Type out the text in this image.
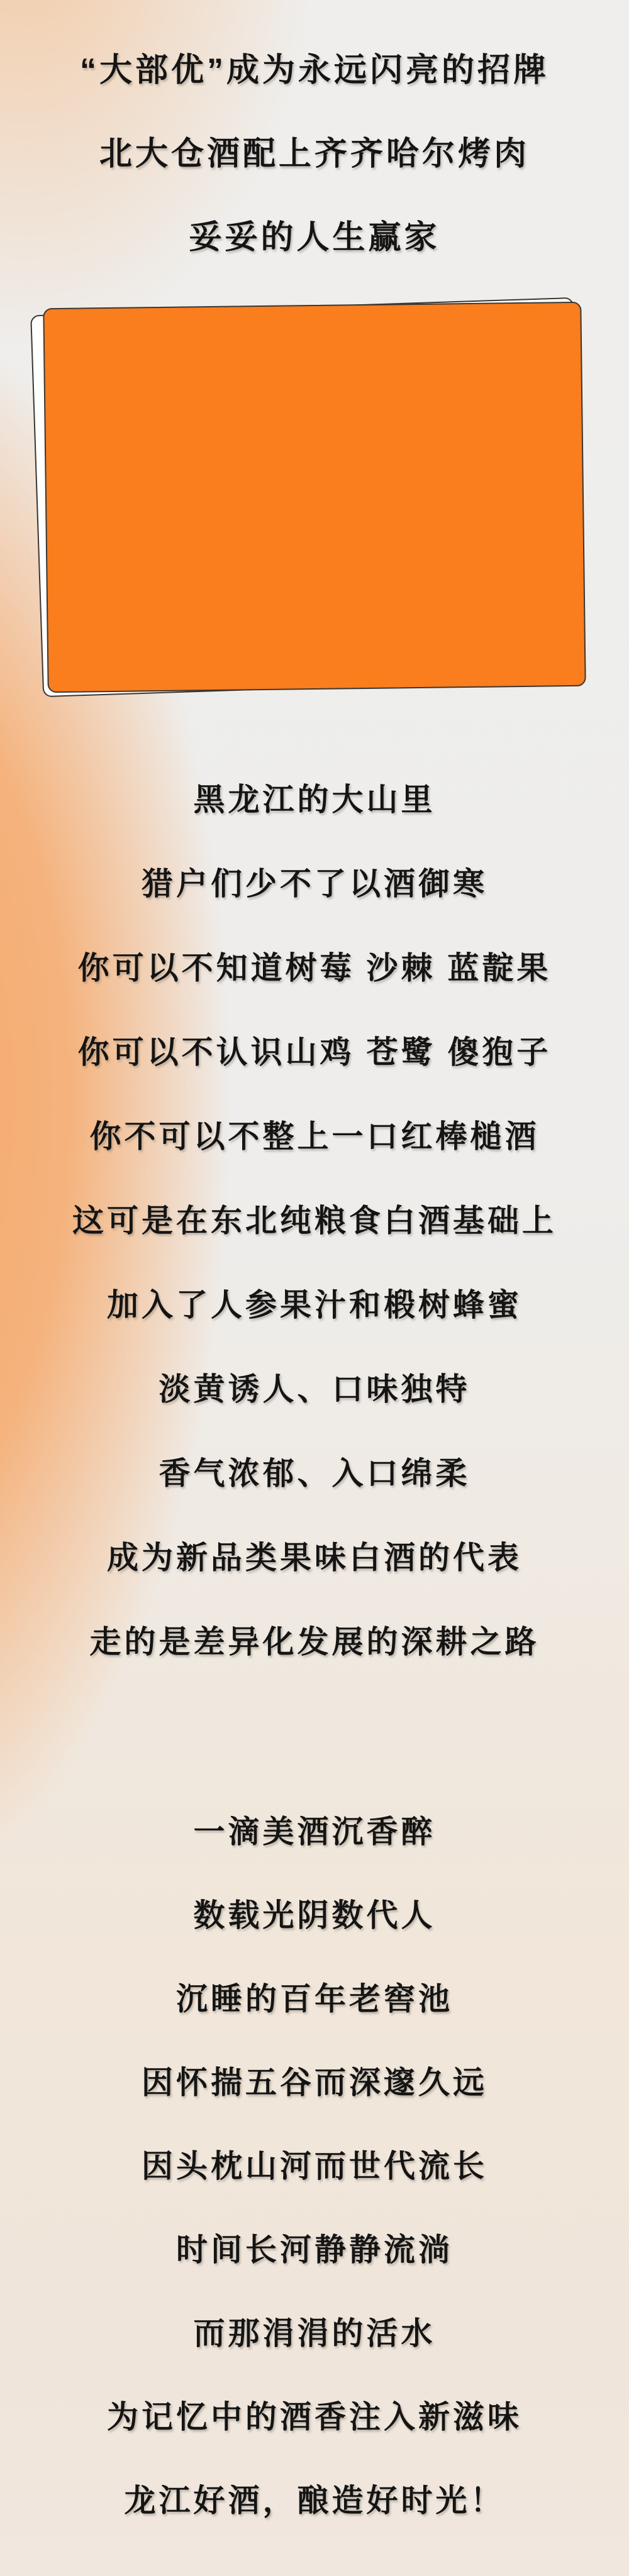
“大部优”成为永远闪亮的招牌
北大仓酒配上齐齐哈尔烤肉
妥妥的人生赢家
黑龙江的大山里
猎户们少不了以酒御寒
你可以不知道树莓 沙棘 蓝靛果
你可以不认识山鸡 苍鹭 傻狍子
你不可以不整上一口红棒槌酒
这可是在东北纯粮食白酒基础上
加入了人参果汁和椴树蜂蜜
淡黄诱人、口味独特
香气浓郁、入口绵柔
成为新品类果味白酒的代表
走的是差异化发展的深耕之路
一滴美酒沉香醉
数载光阴数代人
沉睡的百年老窖池
因怀揣五谷而深邃久远
因头枕山河而世代流长
时间长河静静流淌
而那涓涓的活水
为记忆中的酒香注入新滋味
龙江好酒，酿造好时光！
